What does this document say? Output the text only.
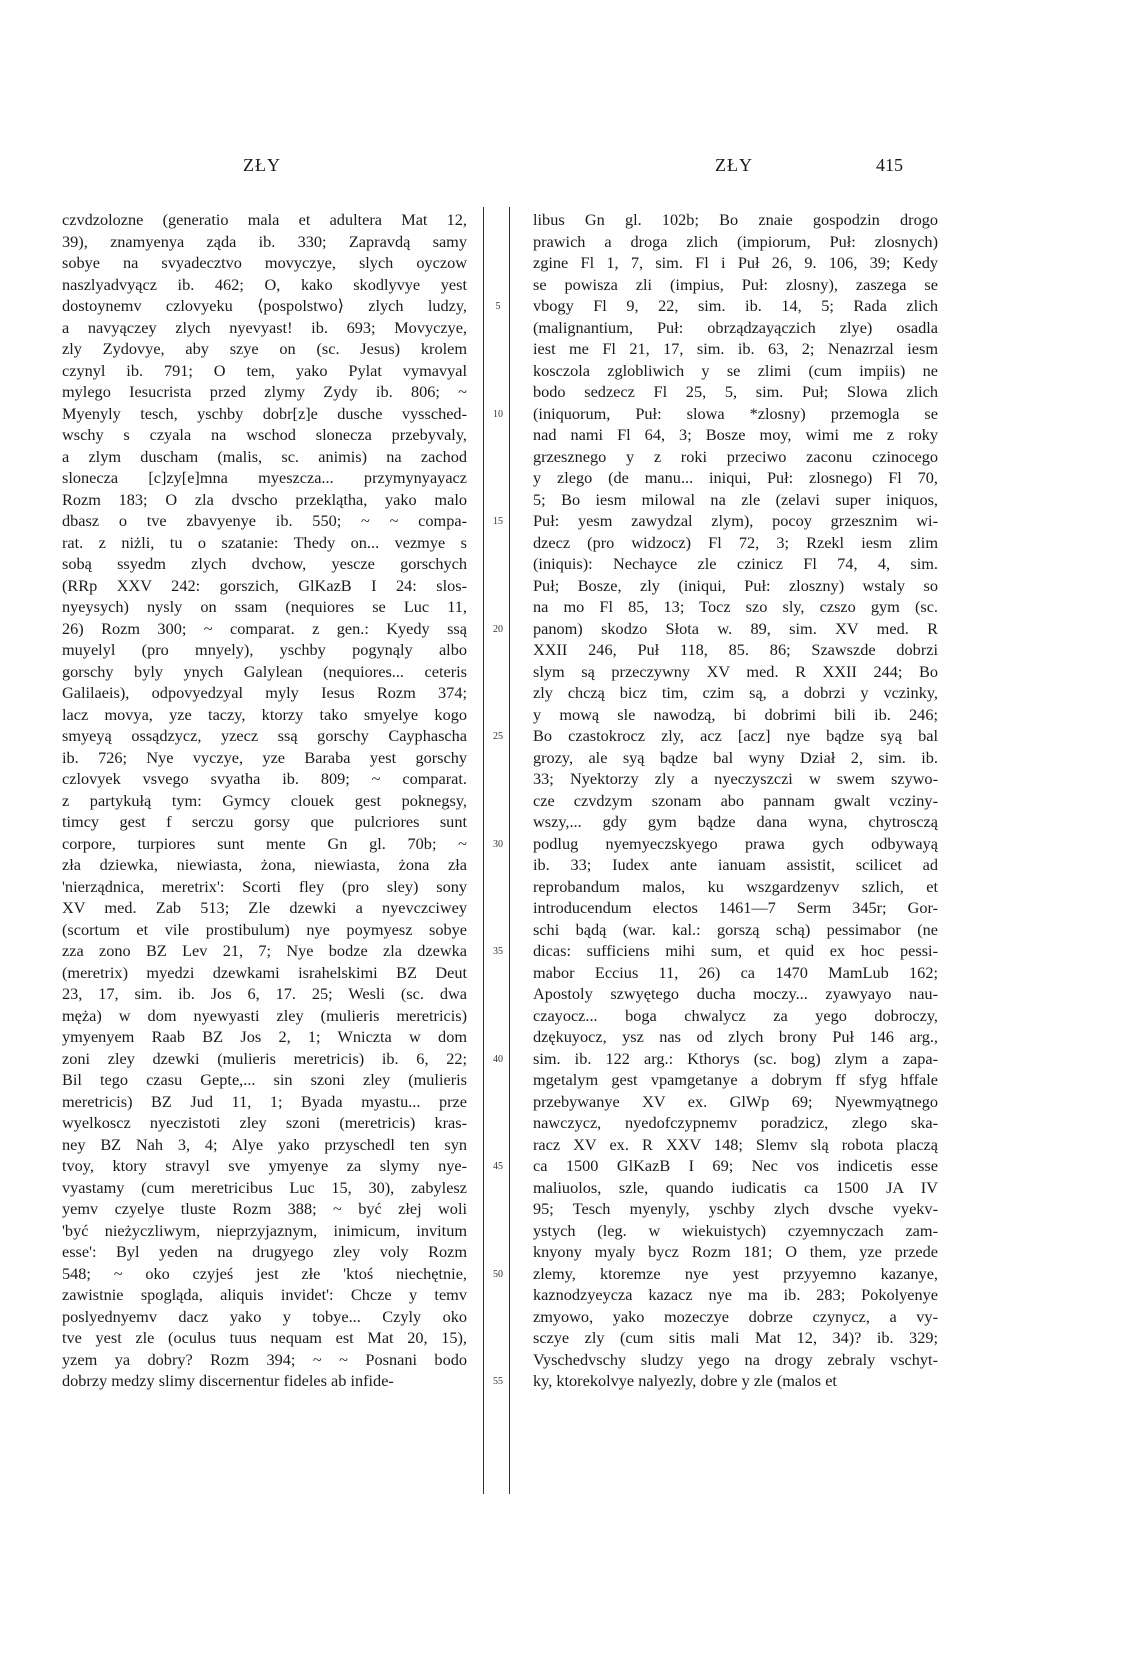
ZŁY	ZŁY	415
czvdzolozne (generatio mala et adultera Mat 12,
39), znamyenya ząda ib. 330; Zapravdą samy
sobye na svyadecztvo movyczye, slych oyczow
naszlyadvyącz ib. 462; O, kako skodlyvye yest
dostoynemv czlovyeku ⟨pospolstwo⟩ zlych ludzy,
a navyączey zlych nyevyast! ib. 693; Movyczye,
zly Zydovye, aby szye on (sc. Jesus) krolem
czynyl ib. 791; O tem, yako Pylat vymavyal
mylego Iesucrista przed zlymy Zydy ib. 806; ~
Myenyly tesch, yschby dobr[z]e dusche vyssched-
wschy s czyala na wschod slonecza przebyvaly,
a zlym duscham (malis, sc. animis) na zachod
slonecza [c]zy[e]mna myeszcza... przymynyayacz
Rozm 183; O zla dvscho przeklątha, yako malo
dbasz o tve zbavyenye ib. 550; ~ ~ compa-
rat. z niżli, tu o szatanie: Thedy on... vezmye s
sobą ssyedm zlych dvchow, yescze gorschych
(RRp XXV 242: gorszich, GlKazB I 24: slos-
nyeysych) nysly on ssam (nequiores se Luc 11,
26) Rozm 300; ~ comparat. z gen.: Kyedy ssą
muyelyl (pro mnyely), yschby pogynąly albo
gorschy byly ynych Galylean (nequiores... ceteris
Galilaeis), odpovyedzyal myly Iesus Rozm 374;
lacz movya, yze taczy, ktorzy tako smyelye kogo
smyeyą ossądzycz, yzecz ssą gorschy Cayphascha
ib. 726; Nye vyczye, yze Baraba yest gorschy
czlovyek vsvego svyatha ib. 809; ~ comparat.
z partykułą tym: Gymcy clouek gest poknegsy,
timcy gest f serczu gorsy que pulcriores sunt
corpore, turpiores sunt mente Gn gl. 70b; ~
zła dziewka, niewiasta, żona, niewiasta, żona zła
'nierządnica, meretrix': Scorti fley (pro sley) sony
XV med. Zab 513; Zle dzewki a nyevczciwey
(scortum et vile prostibulum) nye poymyesz sobye
zza zono BZ Lev 21, 7; Nye bodze zla dzewka
(meretrix) myedzi dzewkami israhelskimi BZ Deut
23, 17, sim. ib. Jos 6, 17. 25; Wesli (sc. dwa
męża) w dom nyewyasti zley (mulieris meretricis)
ymyenyem Raab BZ Jos 2, 1; Wniczta w dom
zoni zley dzewki (mulieris meretricis) ib. 6, 22;
Bil tego czasu Gepte,... sin szoni zley (mulieris
meretricis) BZ Jud 11, 1; Byada myastu... prze
wyelkoscz nyeczistoti zley szoni (meretricis) kras-
ney BZ Nah 3, 4; Alye yako przyschedl ten syn
tvoy, ktory stravyl sve ymyenye za slymy nye-
vyastamy (cum meretricibus Luc 15, 30), zabylesz
yemv czyelye tluste Rozm 388; ~ być złej woli
'być nieżyczliwym, nieprzyjaznym, inimicum, invitum
esse': Byl yeden na drugyego zley voly Rozm
548; ~ oko czyjeś jest złe 'ktoś niechętnie,
zawistnie spogląda, aliquis invidet': Chcze y temv
poslyednyemv dacz yako y tobye... Czyly oko
tve yest zle (oculus tuus nequam est Mat 20, 15),
yzem ya dobry? Rozm 394; ~ ~ Posnani bodo
dobrzy medzy slimy discernentur fideles ab infide-
5
10
15
20
25
30
35
40
45
50
55
libus Gn gl. 102b; Bo znaie gospodzin drogo
prawich a droga zlich (impiorum, Puł: zlosnych)
zgine Fl 1, 7, sim. Fl i Puł 26, 9. 106, 39; Kedy
se powisza zli (impius, Puł: zlosny), zaszega se
vbogy Fl 9, 22, sim. ib. 14, 5; Rada zlich
(malignantium, Puł: obrządzayączich zlye) osadla
iest me Fl 21, 17, sim. ib. 63, 2; Nenazrzal iesm
kosczola zglobliwich y se zlimi (cum impiis) ne
bodo sedzecz Fl 25, 5, sim. Puł; Slowa zlich
(iniquorum, Puł: slowa *zlosny) przemogla se
nad nami Fl 64, 3; Bosze moy, wimi me z roky
grzesznego y z roki przeciwo zaconu czinocego
y zlego (de manu... iniqui, Puł: zlosnego) Fl 70,
5; Bo iesm milowal na zle (zelavi super iniquos,
Puł: yesm zawydzal zlym), pocoy grzesznim wi-
dzecz (pro widzocz) Fl 72, 3; Rzekl iesm zlim
(iniquis): Nechayce zle czinicz Fl 74, 4, sim.
Puł; Bosze, zly (iniqui, Puł: zloszny) wstaly so
na mo Fl 85, 13; Tocz szo sly, czszo gym (sc.
panom) skodzo Słota w. 89, sim. XV med. R
XXII 246, Puł 118, 85. 86; Szawszde dobrzi
slym są przeczywny XV med. R XXII 244; Bo
zly chczą bicz tim, czim są, a dobrzi y vczinky,
y mową sle nawodzą, bi dobrimi bili ib. 246;
Bo czastokrocz zly, acz [acz] nye bądze syą bal
grozy, ale syą bądze bal wyny Dział 2, sim. ib.
33; Nyektorzy zly a nyeczyszczi w swem szywo-
cze czvdzym szonam abo pannam gwalt vcziny-
wszy,... gdy gym bądze dana wyna, chytrosczą
podlug nyemyeczskyego prawa gych odbywayą
ib. 33; Iudex ante ianuam assistit, scilicet ad
reprobandum malos, ku wszgardzenyv szlich, et
introducendum electos 1461—7 Serm 345r; Gor-
schi bądą (war. kal.: gorszą schą) pessimabor (ne
dicas: sufficiens mihi sum, et quid ex hoc pessi-
mabor Eccius 11, 26) ca 1470 MamLub 162;
Apostoly szwyętego ducha moczy... zyawyayo nau-
czayocz... boga chwalycz za yego dobroczy,
dzękuyocz, ysz nas od zlych brony Puł 146 arg.,
sim. ib. 122 arg.: Kthorys (sc. bog) zlym a zapa-
mgetalym gest vpamgetanye a dobrym ff sfyg hffale
przebywanye XV ex. GlWp 69; Nyewmyątnego
nawczycz, nyedofczypnemv poradzicz, zlego ska-
racz XV ex. R XXV 148; Slemv slą robota placzą
ca 1500 GlKazB I 69; Nec vos indicetis esse
maliuolos, szle, quando iudicatis ca 1500 JA IV
95; Tesch myenyly, yschby zlych dvsche vyekv-
ystych (leg. w wiekuistych) czyemnyczach zam-
knyony myaly bycz Rozm 181; O them, yze przede
zlemy, ktoremze nye yest przyyemno kazanye,
kaznodzyeycza kazacz nye ma ib. 283; Pokolyenye
zmyowo, yako mozeczye dobrze czynycz, a vy-
sczye zly (cum sitis mali Mat 12, 34)? ib. 329;
Vyschedvschy sludzy yego na drogy zebraly vschyt-
ky, ktorekolvye nalyezly, dobre y zle (malos et
